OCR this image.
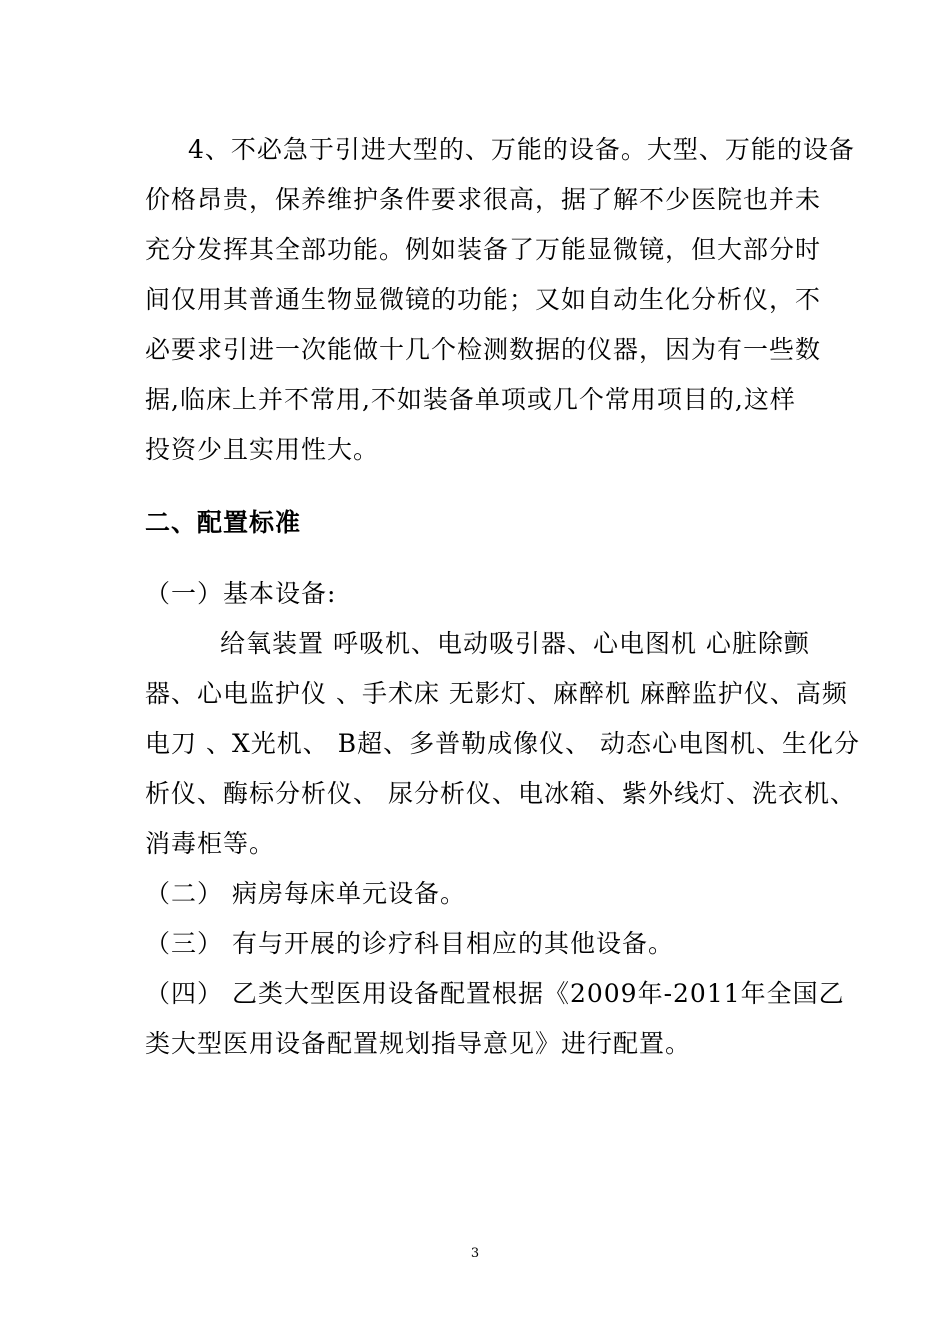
4、不必急于引进大型的、万能的设备。大型、万能的设备
价格昂贵，保养维护条件要求很高，据了解不少医院也并未
充分发挥其全部功能。例如装备了万能显微镜，但大部分时
间仅用其普通生物显微镜的功能；又如自动生化分析仪，不
必要求引进一次能做十几个检测数据的仪器，因为有一些数
据,临床上并不常用,不如装备单项或几个常用项目的,这样
投资少且实用性大。
二、配置标准
（一）基本设备:
给氧装置 呼吸机、电动吸引器、心电图机 心脏除颤
器、心电监护仪 、手术床 无影灯、麻醉机 麻醉监护仪、高频
电刀 、X光机、 B超、多普勒成像仪、 动态心电图机、生化分
析仪、酶标分析仪、 尿分析仪、电冰箱、紫外线灯、洗衣机、
消毒柜等。
（二） 病房每床单元设备。
（三） 有与开展的诊疗科目相应的其他设备。
（四） 乙类大型医用设备配置根据《2009年-2011年全国乙
类大型医用设备配置规划指导意见》进行配置。
3
